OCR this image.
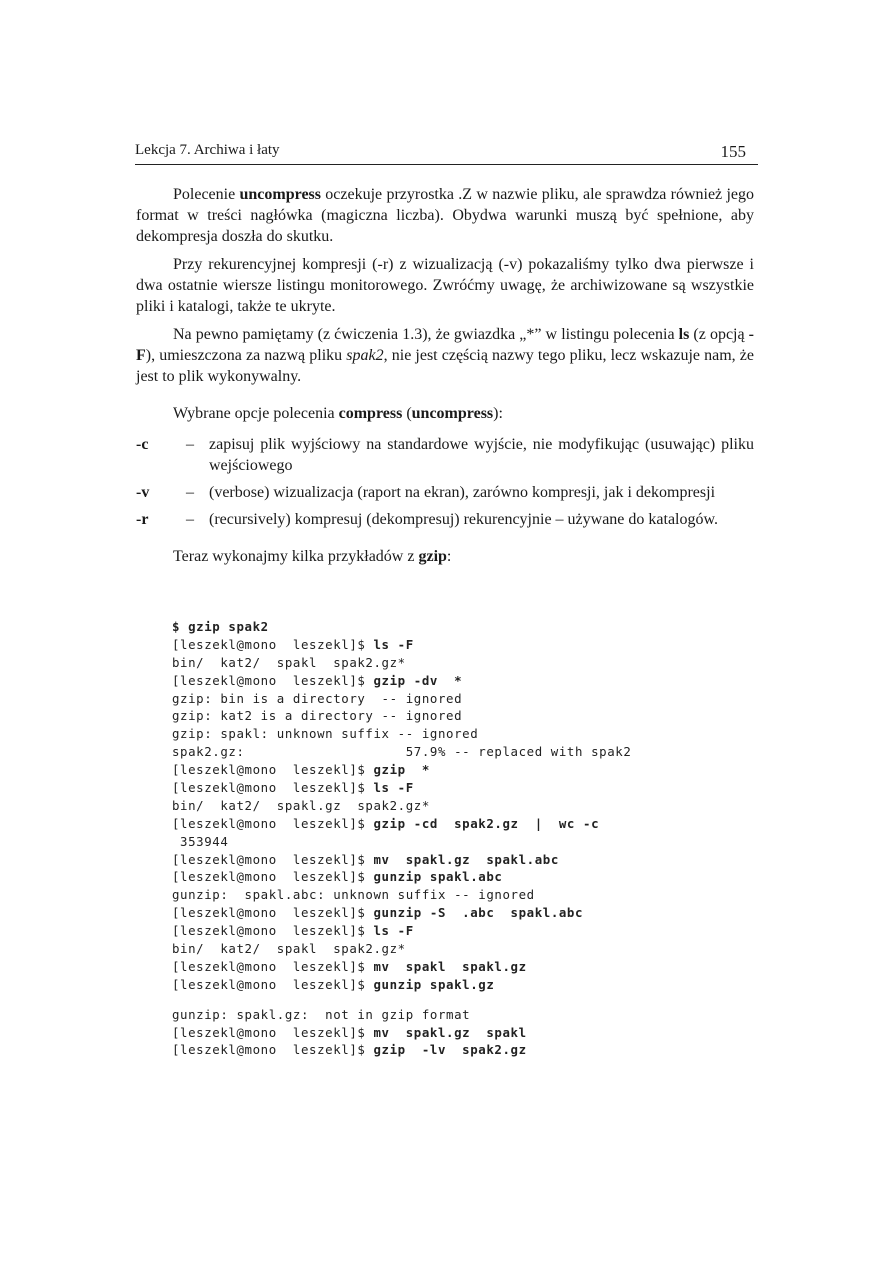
Lekcja 7. Archiwa i łaty	155

Polecenie uncompress oczekuje przyrostka .Z w nazwie pliku, ale sprawdza również jego format w treści nagłówka (magiczna liczba). Obydwa warunki muszą być spełnione, aby dekompresja doszła do skutku.

Przy rekurencyjnej kompresji (-r) z wizualizacją (-v) pokazaliśmy tylko dwa pierwsze i dwa ostatnie wiersze listingu monitorowego. Zwróćmy uwagę, że archiwizowane są wszystkie pliki i katalogi, także te ukryte.

Na pewno pamiętamy (z ćwiczenia 1.3), że gwiazdka „*” w listingu polecenia ls (z opcją -F), umieszczona za nazwą pliku spak2, nie jest częścią nazwy tego pliku, lecz wskazuje nam, że jest to plik wykonywalny.

Wybrane opcje polecenia compress (uncompress):

-c – zapisuj plik wyjściowy na standardowe wyjście, nie modyfikując (usuwając) pliku wejściowego
-v – (verbose) wizualizacja (raport na ekran), zarówno kompresji, jak i dekompresji
-r – (recursively) kompresuj (dekompresuj) rekurencyjnie – używane do katalogów.

Teraz wykonajmy kilka przykładów z gzip:

$ gzip spak2
[leszekl@mono  leszekl]$ ls -F
bin/  kat2/  spakl  spak2.gz*
[leszekl@mono  leszekl]$ gzip -dv  *
gzip: bin is a directory  -- ignored
gzip: kat2 is a directory -- ignored
gzip: spakl: unknown suffix -- ignored
spak2.gz:                    57.9% -- replaced with spak2
[leszekl@mono  leszekl]$ gzip  *
[leszekl@mono  leszekl]$ ls -F
bin/  kat2/  spakl.gz  spak2.gz*
[leszekl@mono  leszekl]$ gzip -cd  spak2.gz  |  wc -c
353944
[leszekl@mono  leszekl]$ mv  spakl.gz  spakl.abc
[leszekl@mono  leszekl]$ gunzip spakl.abc
gunzip:  spakl.abc: unknown suffix -- ignored
[leszekl@mono  leszekl]$ gunzip -S  .abc  spakl.abc
[leszekl@mono  leszekl]$ ls -F
bin/  kat2/  spakl  spak2.gz*
[leszekl@mono  leszekl]$ mv  spakl  spakl.gz
[leszekl@mono  leszekl]$ gunzip spakl.gz
gunzip: spakl.gz:  not in gzip format
[leszekl@mono  leszekl]$ mv  spakl.gz  spakl
[leszekl@mono  leszekl]$ gzip  -lv  spak2.gz
